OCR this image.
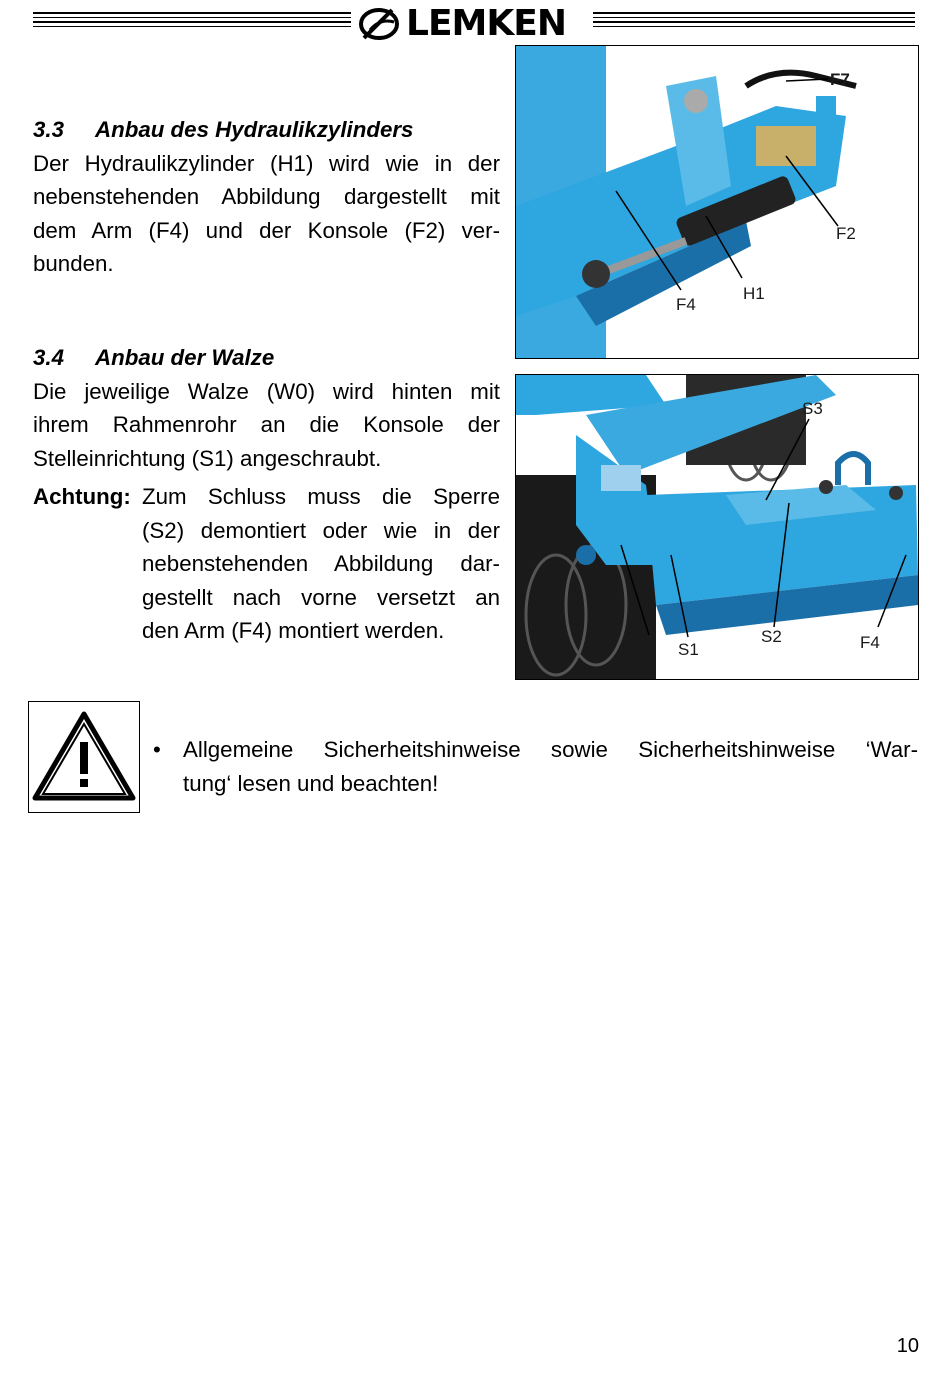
LEMKEN
3.3 Anbau des Hydraulikzylinders
Der Hydraulikzylinder (H1) wird wie in der
nebenstehenden Abbildung dargestellt mit
dem Arm (F4) und der Konsole (F2) ver-
bunden.
3.4 Anbau der Walze
Die jeweilige Walze (W0) wird hinten mit
ihrem Rahmenrohr an die Konsole der
Stelleinrichtung (S1) angeschraubt.
Achtung: Zum Schluss muss die Sperre
(S2) demontiert oder wie in der
nebenstehenden Abbildung dar-
gestellt nach vorne versetzt an
den Arm (F4) montiert werden.
F7
F2
F4
H1
S3
W0 S1
S2	F4
• Allgemeine Sicherheitshinweise sowie Sicherheitshinweise ‘War-
tung‘ lesen und beachten!
10
